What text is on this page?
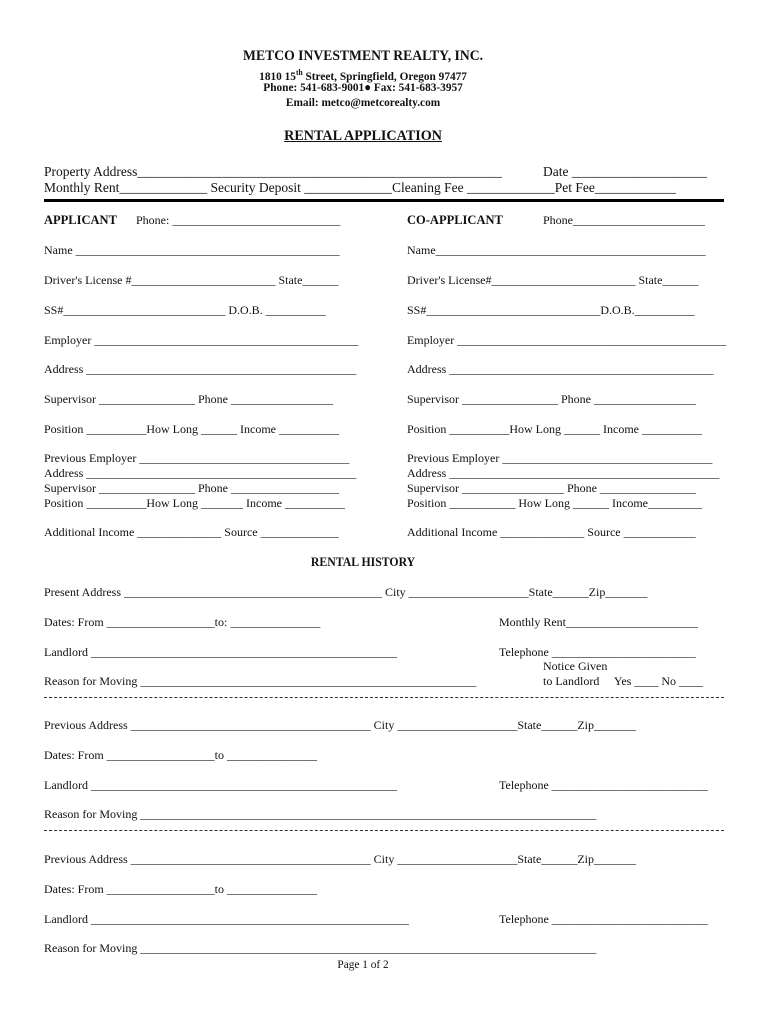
METCO INVESTMENT REALTY, INC.
1810 15th Street, Springfield, Oregon 97477
Phone: 541-683-9001● Fax: 541-683-3957
Email: metco@metcorealty.com
RENTAL APPLICATION
Property Address______________________________________________________	Date ____________________
Monthly Rent_____________ Security Deposit _____________Cleaning Fee _____________Pet Fee____________
APPLICANT Phone: ____________________________
Name ____________________________________________
Driver's License #________________________ State______
SS#___________________________ D.O.B. __________
Employer ____________________________________________
Address _____________________________________________
Supervisor ________________ Phone _________________
Position __________How Long ______ Income __________
Previous Employer ___________________________________
Address _____________________________________________
Supervisor ________________ Phone __________________
Position __________How Long _______ Income __________
Additional Income ______________ Source _____________
CO-APPLICANT	Phone______________________
Name_____________________________________________
Driver's License#________________________ State______
SS#_____________________________D.O.B.__________
Employer _____________________________________________
Address ____________________________________________
Supervisor ________________ Phone _________________
Position __________How Long ______ Income __________
Previous Employer ___________________________________
Address _____________________________________________
Supervisor _________________ Phone ________________
Position ___________ How Long ______ Income_________
Additional Income ______________ Source ____________
RENTAL HISTORY
Present Address ___________________________________________ City ____________________State______Zip_______
Dates: From __________________to: _______________	Monthly Rent______________________
Landlord ___________________________________________________	Telephone ________________________
Notice Given
Reason for Moving ________________________________________________________	to Landlord     Yes ____ No ____
Previous Address ________________________________________ City ____________________State______Zip_______
Dates: From __________________to _______________
Landlord ___________________________________________________	Telephone __________________________
Reason for Moving ____________________________________________________________________________
Previous Address ________________________________________ City ____________________State______Zip_______
Dates: From __________________to _______________
Landlord _____________________________________________________	Telephone __________________________
Reason for Moving ____________________________________________________________________________
Page 1 of 2
